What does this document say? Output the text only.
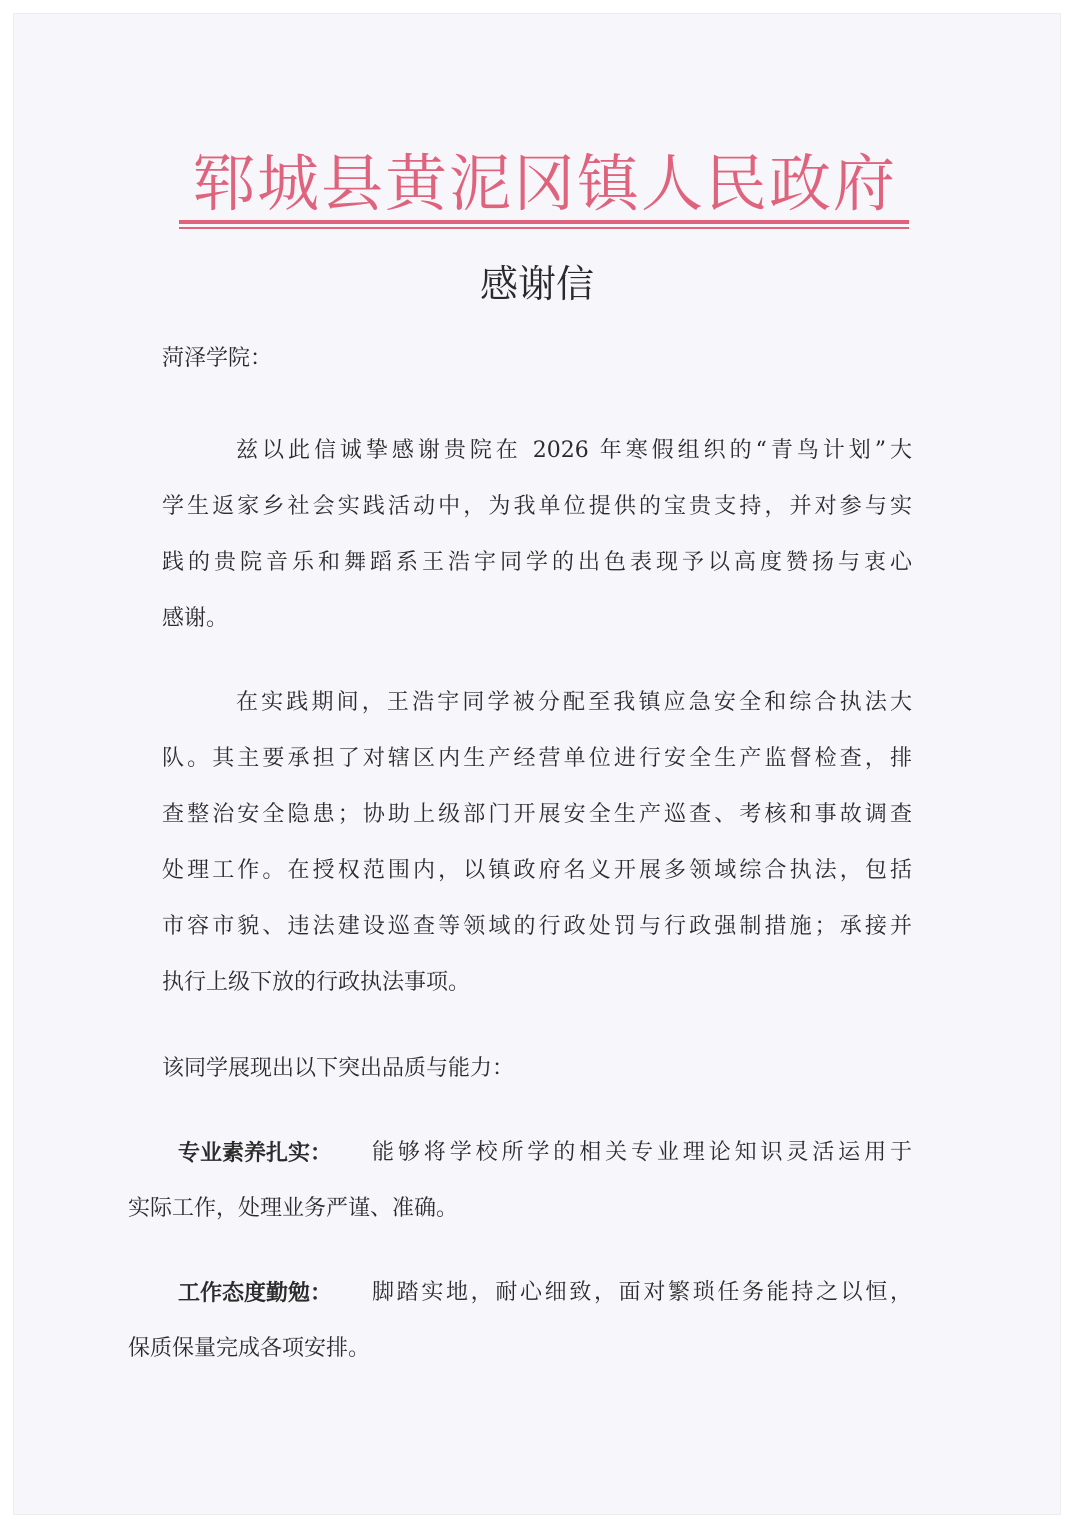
郓城县黄泥冈镇人民政府
感谢信
菏泽学院：
兹以此信诚挚感谢贵院在 2026 年寒假组织的“青鸟计划”大
学生返家乡社会实践活动中，为我单位提供的宝贵支持，并对参与实
践的贵院音乐和舞蹈系王浩宇同学的出色表现予以高度赞扬与衷心
感谢。
在实践期间，王浩宇同学被分配至我镇应急安全和综合执法大
队。其主要承担了对辖区内生产经营单位进行安全生产监督检查，排
查整治安全隐患；协助上级部门开展安全生产巡查、考核和事故调查
处理工作。在授权范围内，以镇政府名义开展多领域综合执法，包括
市容市貌、违法建设巡查等领域的行政处罚与行政强制措施；承接并
执行上级下放的行政执法事项。
该同学展现出以下突出品质与能力：
专业素养扎实： 能够将学校所学的相关专业理论知识灵活运用于
实际工作，处理业务严谨、准确。
工作态度勤勉： 脚踏实地，耐心细致，面对繁琐任务能持之以恒，
保质保量完成各项安排。
